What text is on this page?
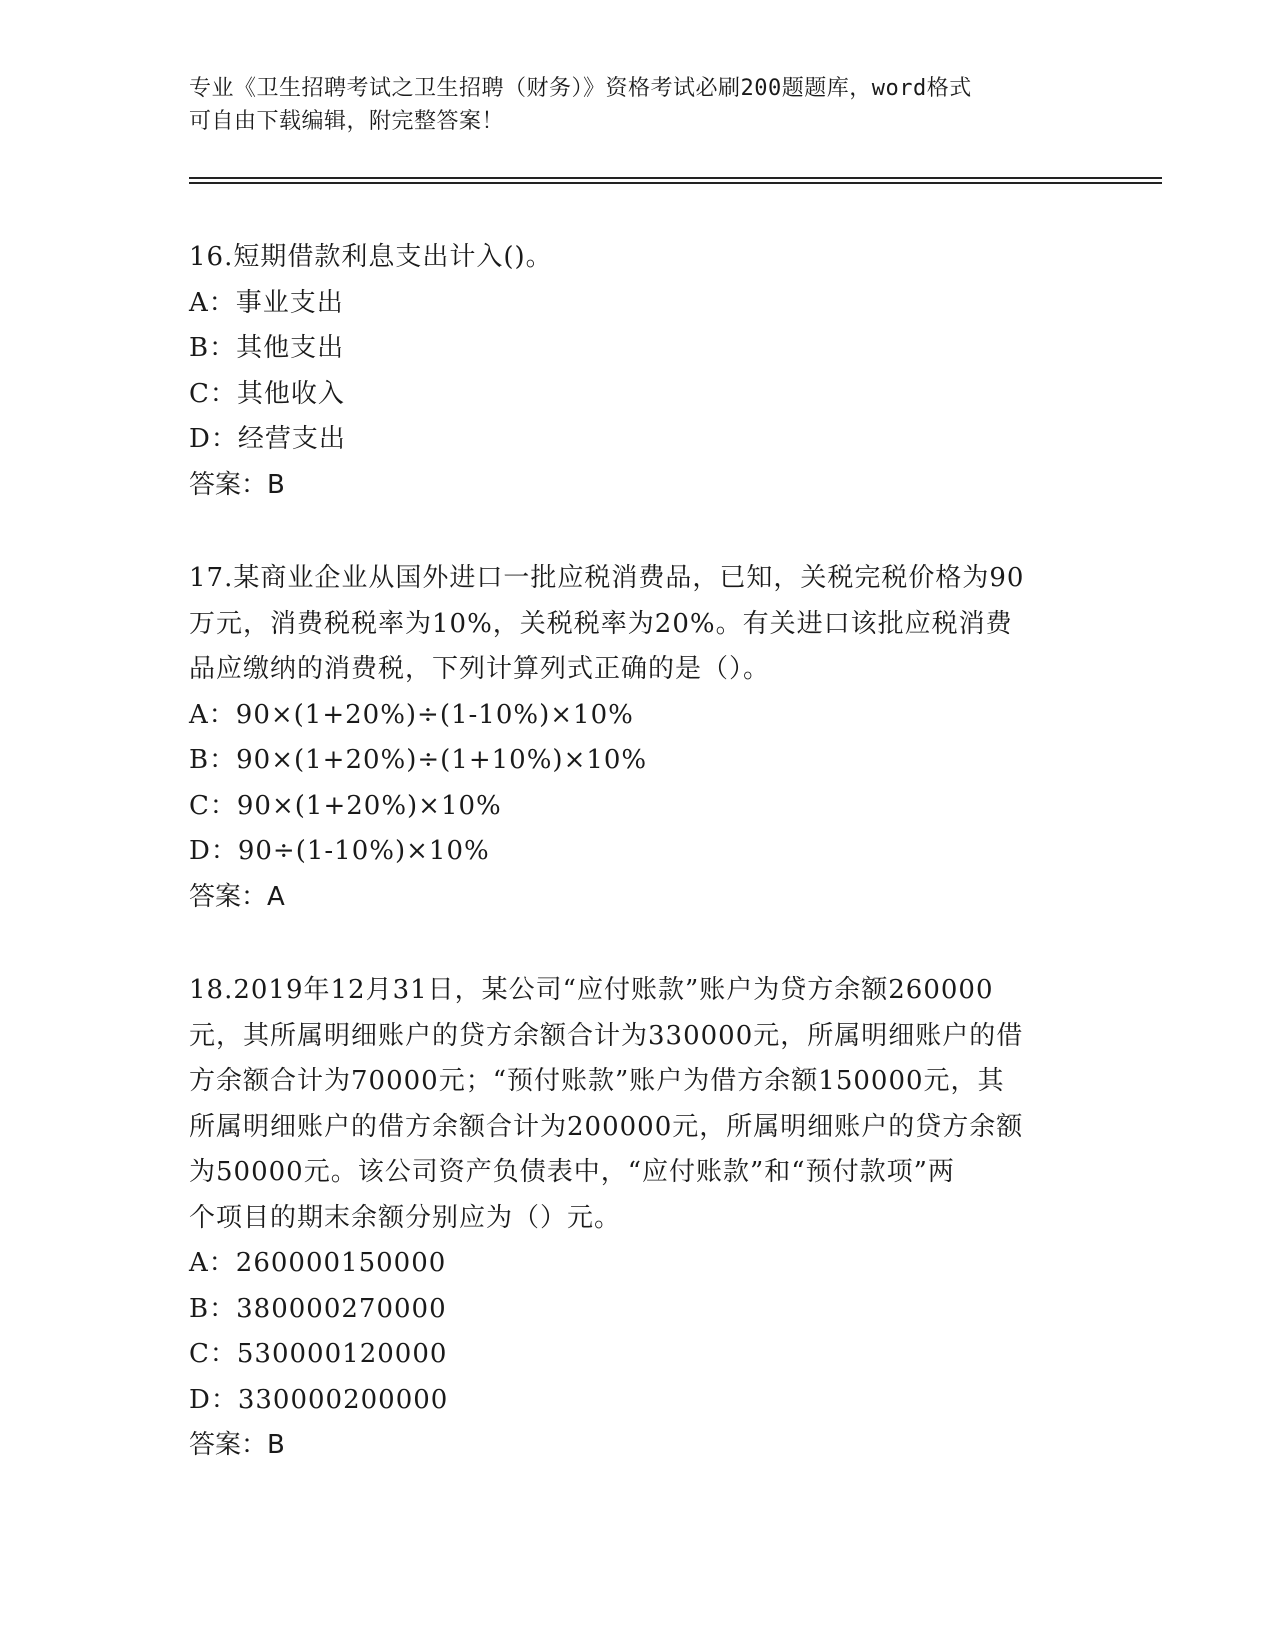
专业《卫生招聘考试之卫生招聘（财务）》资格考试必刷200题题库，word格式
可自由下载编辑，附完整答案！
16.短期借款利息支出计入()。
A：事业支出
B：其他支出
C：其他收入
D：经营支出
答案：B
17.某商业企业从国外进口一批应税消费品，已知，关税完税价格为90
万元，消费税税率为10%，关税税率为20%。有关进口该批应税消费
品应缴纳的消费税，下列计算列式正确的是（）。
A：90×(1+20%)÷(1-10%)×10%
B：90×(1+20%)÷(1+10%)×10%
C：90×(1+20%)×10%
D：90÷(1-10%)×10%
答案：A
18.2019年12月31日，某公司“应付账款”账户为贷方余额260000
元，其所属明细账户的贷方余额合计为330000元，所属明细账户的借
方余额合计为70000元；“预付账款”账户为借方余额150000元，其
所属明细账户的借方余额合计为200000元，所属明细账户的贷方余额
为50000元。该公司资产负债表中，“应付账款”和“预付款项”两
个项目的期末余额分别应为（）元。
A：260000150000
B：380000270000
C：530000120000
D：330000200000
答案：B
